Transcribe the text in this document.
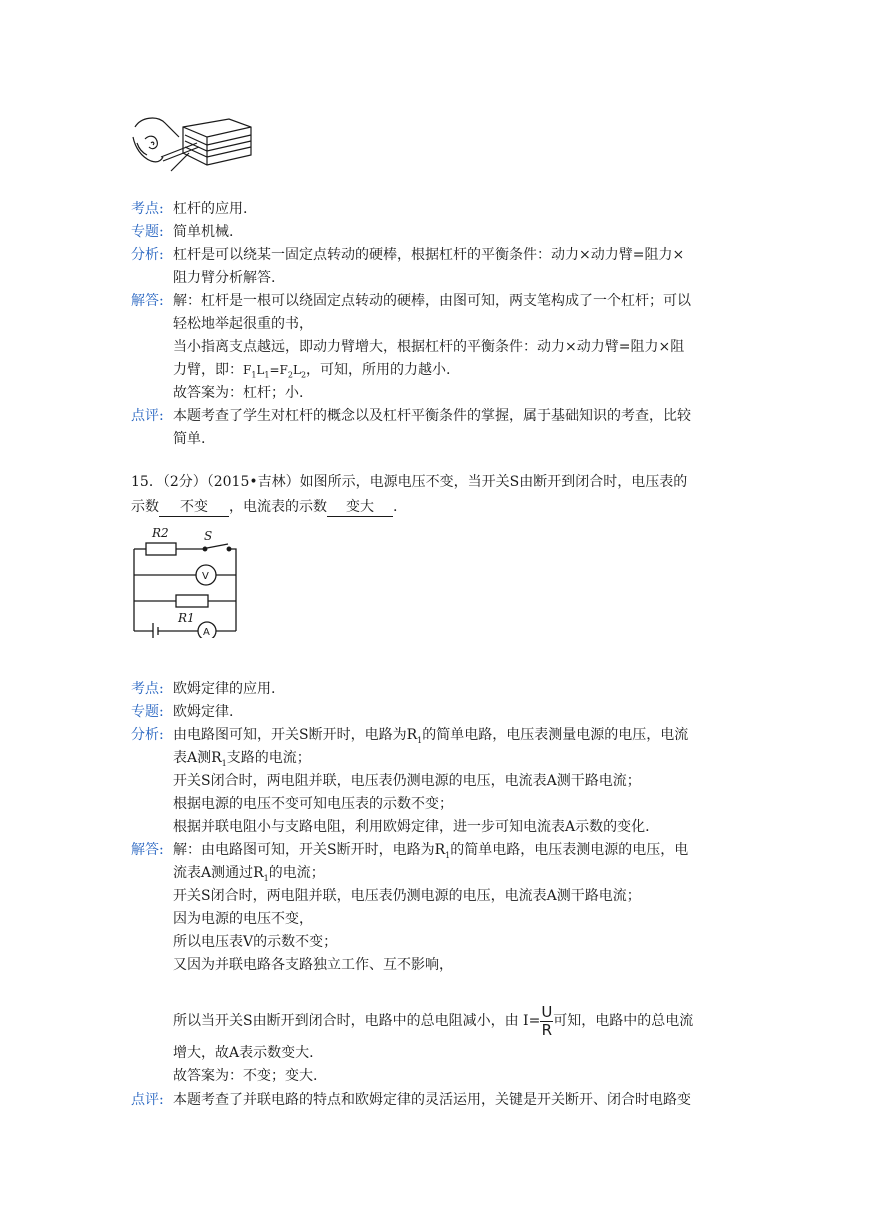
考点: 杠杆的应用.
专题: 简单机械.
分析: 杠杆是可以绕某一固定点转动的硬棒，根据杠杆的平衡条件：动力×动力臂=阻力×
阻力臂分析解答.
解答: 解：杠杆是一根可以绕固定点转动的硬棒，由图可知，两支笔构成了一个杠杆；可以
轻松地举起很重的书，
当小指离支点越远，即动力臂增大，根据杠杆的平衡条件：动力×动力臂=阻力×阻
力臂，即：$F_1L_1=F_2L_2$，可知，所用的力越小.
故答案为：杠杆；小.
点评: 本题考查了学生对杠杆的概念以及杠杆平衡条件的掌握，属于基础知识的考查，比较
简单.
15．（2分）（2015•吉林）如图所示，电源电压不变，当开关S由断开到闭合时，电压表的
示数 不变 ，电流表的示数 变大 .
R2	S
V
R1
A
考点: 欧姆定律的应用.
专题: 欧姆定律.
分析: 由电路图可知，开关S断开时，电路为$R_1$的简单电路，电压表测量电源的电压，电流
表A测$R_1$支路的电流；
开关S闭合时，两电阻并联，电压表仍测电源的电压，电流表A测干路电流；
根据电源的电压不变可知电压表的示数不变；
根据并联电阻小与支路电阻，利用欧姆定律，进一步可知电流表A示数的变化.
解答: 解：由电路图可知，开关S断开时，电路为$R_1$的简单电路，电压表测电源的电压，电
流表A测通过$R_1$的电流；
开关S闭合时，两电阻并联，电压表仍测电源的电压，电流表A测干路电流；
因为电源的电压不变，
所以电压表V的示数不变；
又因为并联电路各支路独立工作、互不影响，
所以当开关S由断开到闭合时，电路中的总电阻减小，由 $I= \frac{U}{R}$ 可知，电路中的总电流
增大，故A表示数变大.
故答案为：不变；变大.
点评: 本题考查了并联电路的特点和欧姆定律的灵活运用，关键是开关断开、闭合时电路变
